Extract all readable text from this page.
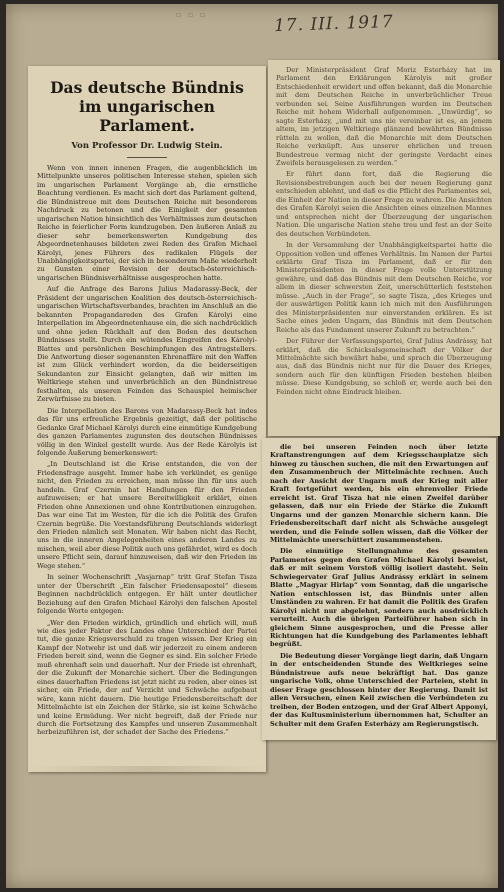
▫ ▫ ▫	17. III. 1917
Das deutsche Bündnis im ungarischen Parlament.
Von Professor Dr. Ludwig Stein.

Wenn von innen innenen Fragen, die augenblicklich im Mittelpunkte unseres politischen Interesse stehen, spielen sich im ungarischen Parlament Vorgänge ab, die ernstliche Beachtung verdienen. Es macht sich dort das Parlament geltend, die Bündnistreue mit dem Deutschen Reiche mit besonderem Nachdruck zu betonen und die Einigkeit der gesamten ungarischen Nation hinsichtlich des Verhältnisses zum deutschen Reiche in feierlicher Form kundzugeben. Den äußeren Anlaß zu dieser sehr bemerkenswerten Kundgebung des Abgeordnetenhauses bildeten zwei Reden des Grafen Michael Károlyi, jenes Führers des radikalen Flügels der Unabhängigkeitspartei, der sich in besonderem Maße wiederholt zu Gunsten einer Revision der deutsch-österreichisch-ungarischen Bündnisverhältnisse ausgesprochen hatte.

Auf die Anfrage des Barons Julius Madarassy-Beck, der Präsident der ungarischen Koalition des deutsch-österreichisch-ungarischen Wirtschaftsverbandes, brachten im Anschluß an die bekannten Propagandareden des Grafen Károlyi eine Interpellation im Abgeordnetenhause ein, die sich nachdrücklich und ohne jeden Rückhalt auf den Boden des deutschen Bündnisses stellt. Durch ein wütendes Eingreifen des Károlyi-Blattes und persönlichen Beschimpfungen des Antragstellers. Die Antwortung dieser sogenannten Ehrenaffäre mit den Waffen ist zum Glück verhindert worden, da die beiderseitigen Sekundanten zur Einsicht gelangten, daß wir mitten im Weltkriege stehen und unverbrüchlich an den Bündnistreue festhalten, als unseren Feinden das Schauspiel heimischer Zerwürfnisse zu bieten.

Die Interpellation des Barons von Madarassy-Beck hat indes das für uns erfreuliche Ergebnis gezeitigt, daß der politische Gedanke Graf Michael Károlyi durch eine einmütige Kundgebung des ganzen Parlamentes zugunsten des deutschen Bündnisses völlig in den Winkel gestellt wurde. Aus der Rede Károlyis ist folgende Äußerung bemerkenswert:

„In Deutschland ist die Krise entstanden, die von der Friedensfrage ausgeht. Immer habe ich verkündet, es genüge nicht, den Frieden zu erreichen, man müsse ihn für uns auch handeln. Graf Czernin hat Handlungen für den Frieden aufzuweisen; er hat unsere Bereitwilligkeit erklärt, einen Frieden ohne Annexionen und ohne Kontributionen einzugehen. Das war eine Tat im Westen, für die ich die Politik des Grafen Czernin begrüße. Die Vorstandsführung Deutschlands widerlegt den Frieden nämlich seit Monaten. Wir haben nicht das Recht, uns in die inneren Angelegenheiten eines anderen Landes zu mischen, weil aber diese Politik auch uns gefährdet, wird es doch unsere Pflicht sein, darauf hinzuweisen, daß wir den Frieden im Wege stehen.“

In seiner Wochenschrift „Vasjarnap“ tritt Graf Stefan Tisza unter der Überschrift „Ein falscher Friedensapostel“ diesem Beginnen nachdrücklich entgegen. Er hält unter deutlicher Beziehung auf den Grafen Michael Károlyi den falschen Apostel folgende Worte entgegen:

„Wer den Frieden wirklich, gründlich und ehrlich will, muß wie dies jeder Faktor des Landes ohne Unterschied der Partei tut, die ganze Kriegsverschuld zu tragen wissen. Der Krieg ein Kampf der Notwehr ist und daß wir jederzeit zu einem anderen Frieden bereit sind, wenn die Gegner es sind. Ein solcher Friede muß ehrenhaft sein und dauerhaft. Nur der Friede ist ehrenhaft, der die Zukunft der Monarchie sichert. Über die Bedingungen eines dauerhaften Friedens ist jetzt nicht zu reden, aber eines ist sicher, ein Friede, der auf Verzicht und Schwäche aufgebaut wäre, kann nicht dauern. Die heutige Friedensbereitschaft der Mittelmächte ist ein Zeichen der Stärke, sie ist keine Schwäche und keine Ermüdung. Wer nicht begreift, daß der Friede nur durch die Fortsetzung des Kampfes und unseren Zusammenhalt herbeizuführen ist, der schadet der Sache des Friedens.“

Der Ministerpräsident Graf Moriz Esterházy hat im Parlament den Erklärungen Károlyis mit großer Entschiedenheit erwidert und offen bekannt, daß die Monarchie mit dem Deutschen Reiche in unverbrüchlicher Treue verbunden sei. Seine Ausführungen wurden im Deutschen Reiche mit hohem Widerhall aufgenommen. „Unwürdig“, so sagte Esterházy, „und mit uns nie vereinbar ist es, an jenem altem, im jetzigen Weltkriege glänzend bewährten Bündnisse rütteln zu wollen, daß die Monarchie mit dem Deutschen Reiche verknüpft. Aus unserer ehrlichen und treuen Bundestreue vermag nicht der geringste Verdacht eines Zweifels herausgelesen zu werden.“

Er führt dann fort, daß die Regierung die Revisionsbestrebungen auch bei der neuen Regierung ganz entschieden ablehnt, und daß es die Pflicht des Parlamentes sei, die Einheit der Nation in dieser Frage zu wahren. Die Ansichten des Grafen Károlyi seien die Ansichten eines einzelnen Mannes und entsprechen nicht der Überzeugung der ungarischen Nation. Die ungarische Nation stehe treu und fest an der Seite des deutschen Verbündeten.

In der Versammlung der Unabhängigkeitspartei hatte die Opposition vollen und offenes Verhältnis. Im Namen der Partei erklärte Graf Tisza im Parlament, daß er für den Ministerpräsidenten in dieser Frage volle Unterstützung gewähre, und daß das Bündnis mit dem Deutschen Reiche, vor allem in dieser schwersten Zeit, unerschütterlich feststehen müsse. „Auch in der Frage“, so sagte Tisza, „des Krieges und der auswärtigen Politik kann ich mich mit den Ausführungen des Ministerpräsidenten nur einverstanden erklären. Es ist Sache eines jeden Ungarn, das Bündnis mit dem Deutschen Reiche als das Fundament unserer Zukunft zu betrachten.“

Der Führer der Verfassungspartei, Graf Julius Andrássy, hat erklärt, daß die Schicksalsgemeinschaft der Völker der Mittelmächte sich bewährt habe, und sprach die Überzeugung aus, daß das Bündnis nicht nur für die Dauer des Krieges, sondern auch für den künftigen Frieden bestehen bleiben müsse. Diese Kundgebung, so schloß er, werde auch bei den Feinden nicht ohne Eindruck bleiben.

die bei unseren Feinden noch über letzte Kraftanstrengungen auf dem Kriegsschauplatze sich hinweg zu täuschen suchen, die mit den Erwartungen auf den Zusammenbruch der Mittelmächte rechnen. Auch nach der Ansicht der Ungarn muß der Krieg mit aller Kraft fortgeführt werden, bis ein ehrenvoller Friede erreicht ist. Graf Tisza hat nie einen Zweifel darüber gelassen, daß nur ein Friede der Stärke die Zukunft Ungarns und der ganzen Monarchie sichern kann. Die Friedensbereitschaft darf nicht als Schwäche ausgelegt werden, und die Feinde sollen wissen, daß die Völker der Mittelmächte unerschüttert zusammenstehen.

Die einmütige Stellungnahme des gesamten Parlamentes gegen den Grafen Michael Károlyi beweist, daß er mit seinem Vorstoß völlig isoliert dasteht. Sein Schwiegervater Graf Julius Andrássy erklärt in seinem Blatte „Magyar Hirlap“ vom Sonntag, daß die ungarische Nation entschlossen ist, das Bündnis unter allen Umständen zu wahren. Er hat damit die Politik des Grafen Károlyi nicht nur abgelehnt, sondern auch ausdrücklich verurteilt. Auch die übrigen Parteiführer haben sich in gleichem Sinne ausgesprochen, und die Presse aller Richtungen hat die Kundgebung des Parlamentes lebhaft begrüßt.

Die Bedeutung dieser Vorgänge liegt darin, daß Ungarn in der entscheidenden Stunde des Weltkrieges seine Bündnistreue aufs neue bekräftigt hat. Das ganze ungarische Volk, ohne Unterschied der Parteien, steht in dieser Frage geschlossen hinter der Regierung. Damit ist allen Versuchen, einen Keil zwischen die Verbündeten zu treiben, der Boden entzogen, und der Graf Albert Apponyi, der das Kultusministerium übernommen hat, Schulter an Schulter mit dem Grafen Esterházy am Regierungstisch.
